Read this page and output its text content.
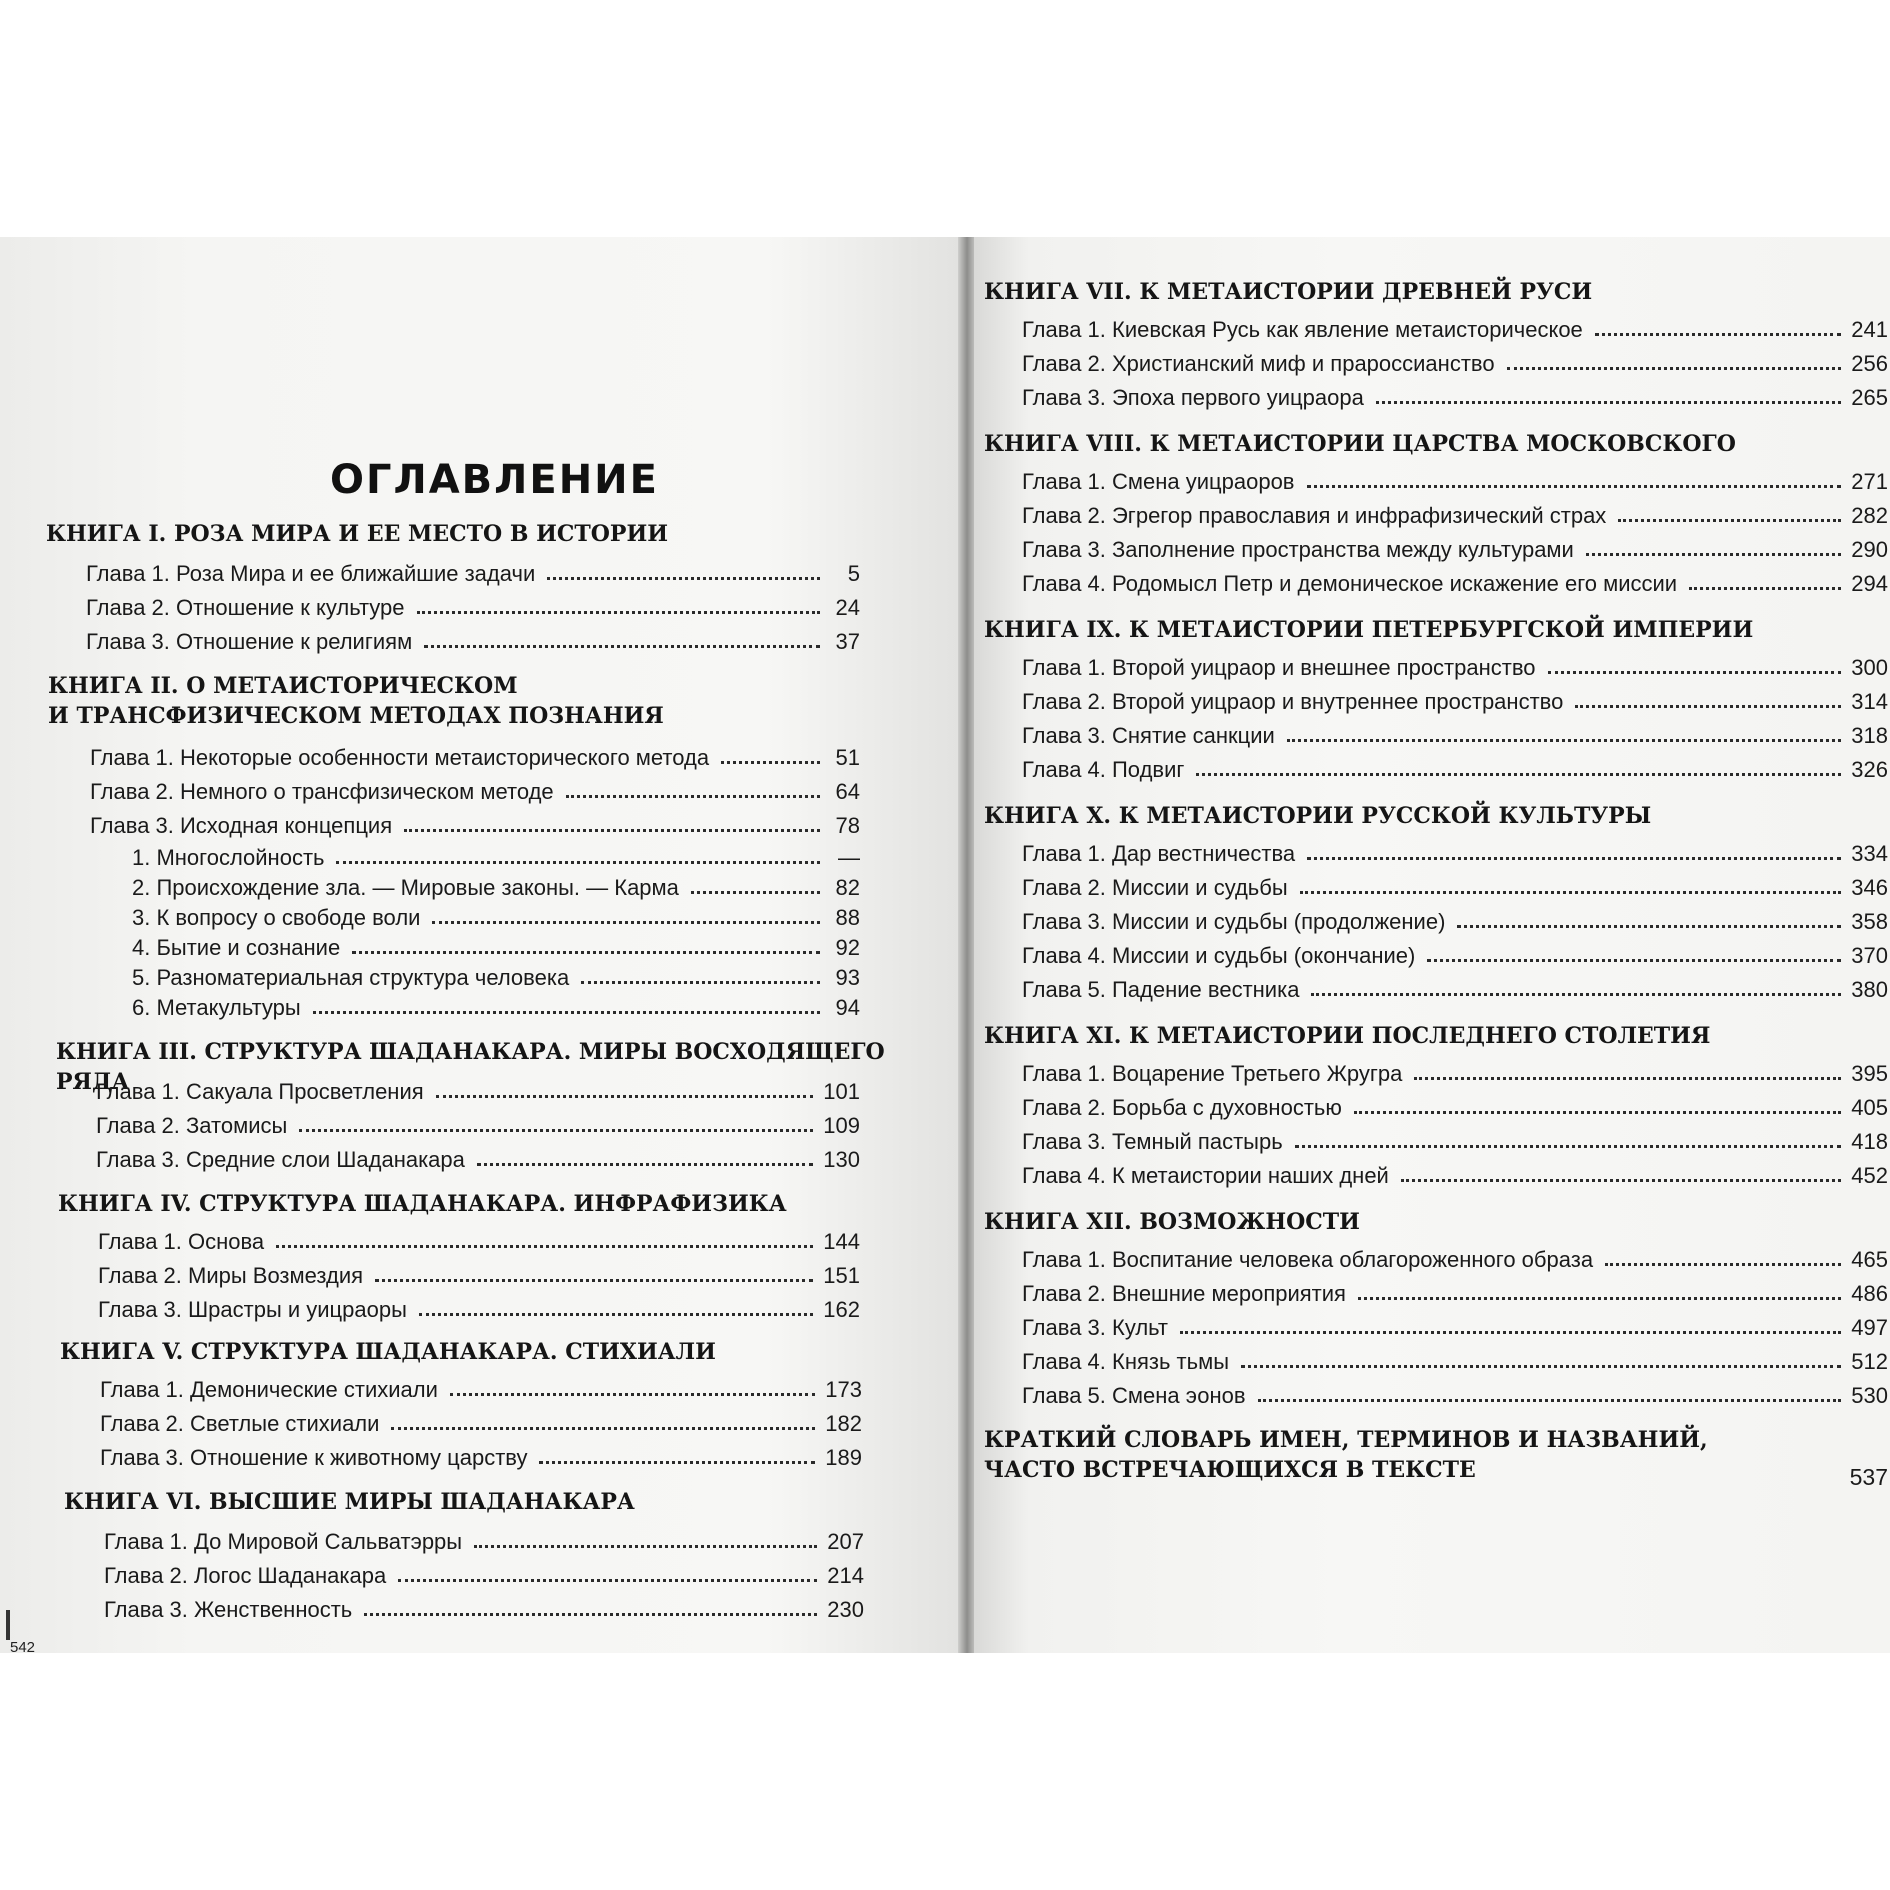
ОГЛАВЛЕНИЕ
КНИГА I. РОЗА МИРА И ЕЕ МЕСТО В ИСТОРИИ
Глава 1. Роза Мира и ее ближайшие задачи	5
Глава 2. Отношение к культуре	24
Глава 3. Отношение к религиям	37
КНИГА II. О МЕТАИСТОРИЧЕСКОМ
И ТРАНСФИЗИЧЕСКОМ МЕТОДАХ ПОЗНАНИЯ
Глава 1. Некоторые особенности метаисторического метода	51
Глава 2. Немного о трансфизическом методе	64
Глава 3. Исходная концепция	78
1. Многослойность	—
2. Происхождение зла. — Мировые законы. — Карма	82
3. К вопросу о свободе воли	88
4. Бытие и сознание	92
5. Разноматериальная структура человека	93
6. Метакультуры	94
КНИГА III. СТРУКТУРА ШАДАНАКАРА. МИРЫ ВОСХОДЯЩЕГО РЯДА
Глава 1. Сакуала Просветления	101
Глава 2. Затомисы	109
Глава 3. Средние слои Шаданакара	130
КНИГА IV. СТРУКТУРА ШАДАНАКАРА. ИНФРАФИЗИКА
Глава 1. Основа	144
Глава 2. Миры Возмездия	151
Глава 3. Шрастры и уицраоры	162
КНИГА V. СТРУКТУРА ШАДАНАКАРА. СТИХИАЛИ
Глава 1. Демонические стихиали	173
Глава 2. Светлые стихиали	182
Глава 3. Отношение к животному царству	189
КНИГА VI. ВЫСШИЕ МИРЫ ШАДАНАКАРА
Глава 1. До Мировой Сальватэрры	207
Глава 2. Логос Шаданакара	214
Глава 3. Женственность	230
542
КНИГА VII. К МЕТАИСТОРИИ ДРЕВНЕЙ РУСИ
Глава 1. Киевская Русь как явление метаисторическое	241
Глава 2. Христианский миф и прароссианство	256
Глава 3. Эпоха первого уицраора	265
КНИГА VIII. К МЕТАИСТОРИИ ЦАРСТВА МОСКОВСКОГО
Глава 1. Смена уицраоров	271
Глава 2. Эгрегор православия и инфрафизический страх	282
Глава 3. Заполнение пространства между культурами	290
Глава 4. Родомысл Петр и демоническое искажение его миссии	294
КНИГА IX. К МЕТАИСТОРИИ ПЕТЕРБУРГСКОЙ ИМПЕРИИ
Глава 1. Второй уицраор и внешнее пространство	300
Глава 2. Второй уицраор и внутреннее пространство	314
Глава 3. Снятие санкции	318
Глава 4. Подвиг	326
КНИГА X. К МЕТАИСТОРИИ РУССКОЙ КУЛЬТУРЫ
Глава 1. Дар вестничества	334
Глава 2. Миссии и судьбы	346
Глава 3. Миссии и судьбы (продолжение)	358
Глава 4. Миссии и судьбы (окончание)	370
Глава 5. Падение вестника	380
КНИГА XI. К МЕТАИСТОРИИ ПОСЛЕДНЕГО СТОЛЕТИЯ
Глава 1. Воцарение Третьего Жругра	395
Глава 2. Борьба с духовностью	405
Глава 3. Темный пастырь	418
Глава 4. К метаистории наших дней	452
КНИГА XII. ВОЗМОЖНОСТИ
Глава 1. Воспитание человека облагороженного образа	465
Глава 2. Внешние мероприятия	486
Глава 3. Культ	497
Глава 4. Князь тьмы	512
Глава 5. Смена эонов	530
КРАТКИЙ СЛОВАРЬ ИМЕН, ТЕРМИНОВ И НАЗВАНИЙ,
ЧАСТО ВСТРЕЧАЮЩИХСЯ В ТЕКСТЕ	537
